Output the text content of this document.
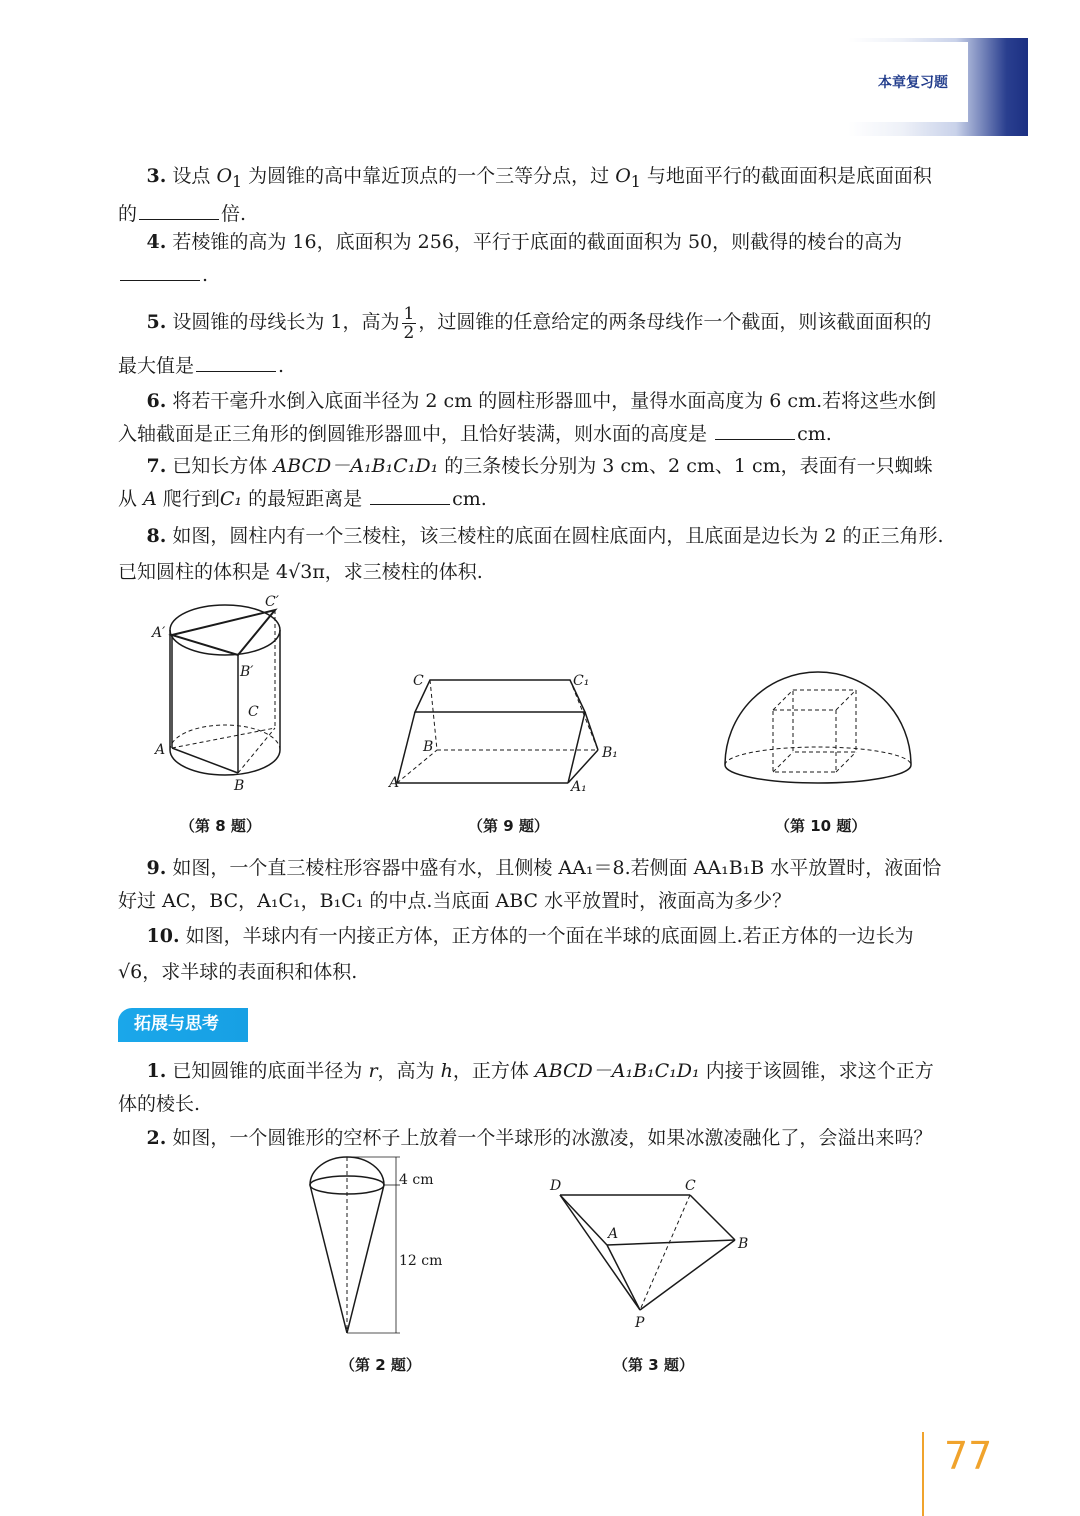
本章复习题

  3. 设点 $O_1$ 为圆锥的高中靠近顶点的一个三等分点，过 $O_1$ 与地面平行的截面面积是底面面积的	倍.

  4. 若棱锥的高为 16，底面积为 256，平行于底面的截面面积为 50，则截得的棱台的高为.

  5. 设圆锥的母线长为 1，高为 $\frac{1}{2}$ ，过圆锥的任意给定的两条母线作一个截面，则该截面面积的最大值是	.

  6. 将若干毫升水倒入底面半径为 2 cm 的圆柱形器皿中，量得水面高度为 6 cm.若将这些水倒入轴截面是正三角形的倒圆锥形器皿中，且恰好装满，则水面的高度是	cm.

  7. 已知长方体 ABCD－A₁B₁C₁D₁ 的三条棱长分别为 3 cm、2 cm、1 cm，表面有一只蜘蛛从 A 爬行到C₁ 的最短距离是	cm.

  8. 如图，圆柱内有一个三棱柱，该三棱柱的底面在圆柱底面内，且底面是边长为 2 的正三角形.已知圆柱的体积是 4√3π，求三棱柱的体积.

C′
A′
B′
C
A
B
（第 8 题）
C	C₁
B	B₁
A	A₁
（第 9 题）	（第 10 题）

  9. 如图，一个直三棱柱形容器中盛有水，且侧棱 AA₁＝8.若侧面 AA₁B₁B 水平放置时，液面恰好过 AC，BC，A₁C₁，B₁C₁ 的中点.当底面 ABC 水平放置时，液面高为多少？

  10. 如图，半球内有一内接正方体，正方体的一个面在半球的底面圆上.若正方体的一边长为√6，求半球的表面积和体积.

拓展与思考

  1. 已知圆锥的底面半径为 r，高为 h，正方体 ABCD－A₁B₁C₁D₁ 内接于该圆锥，求这个正方体的棱长.

  2. 如图，一个圆锥形的空杯子上放着一个半球形的冰激凌，如果冰激凌融化了，会溢出来吗？

4 cm
12 cm
（第 2 题）
D	C
A
B
P
（第 3 题）
77
